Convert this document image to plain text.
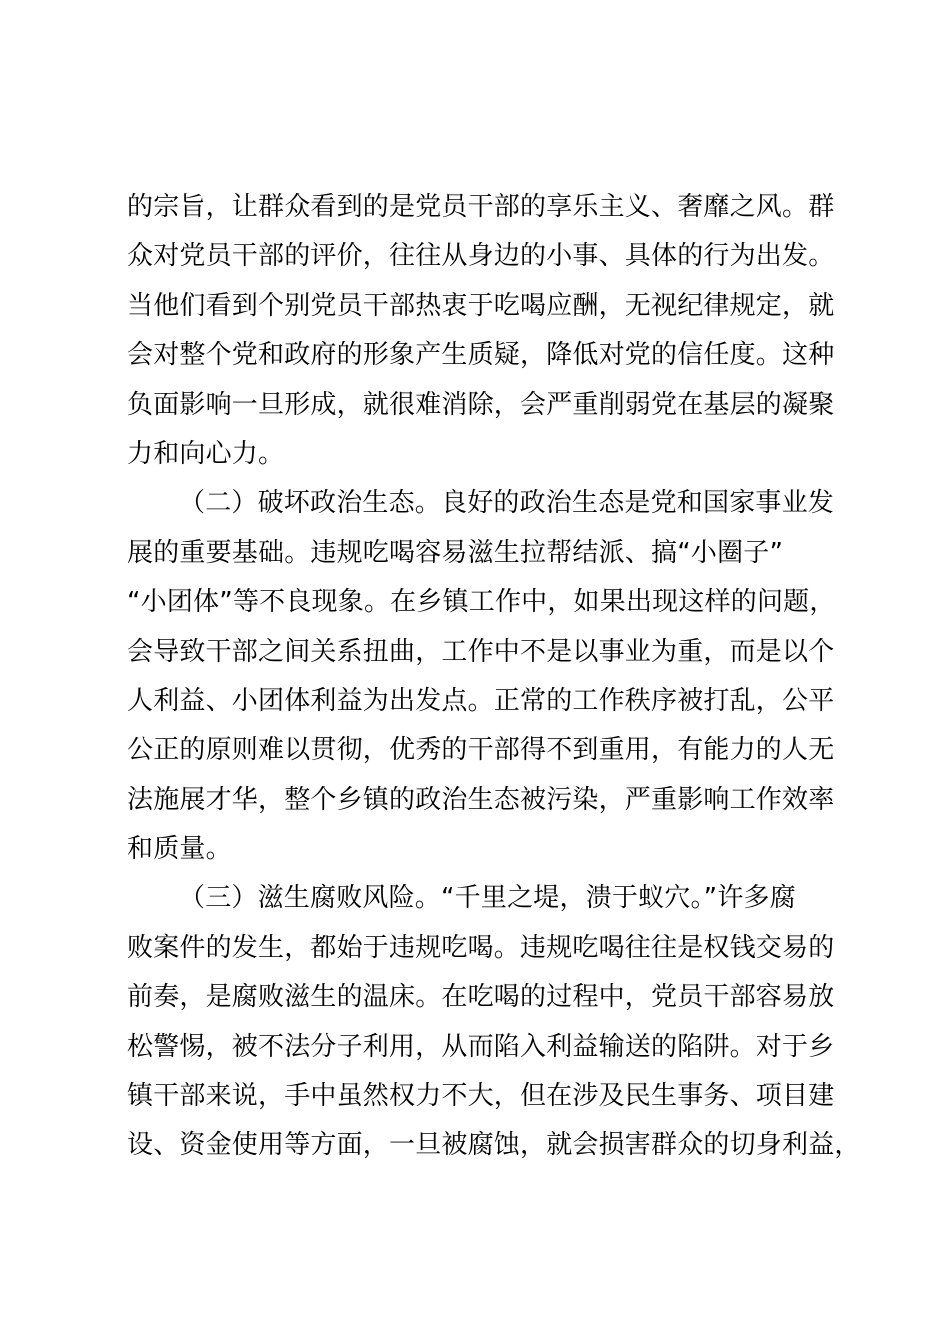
的宗旨，让群众看到的是党员干部的享乐主义、奢靡之风。群
众对党员干部的评价，往往从身边的小事、具体的行为出发。
当他们看到个别党员干部热衷于吃喝应酬，无视纪律规定，就
会对整个党和政府的形象产生质疑，降低对党的信任度。这种
负面影响一旦形成，就很难消除，会严重削弱党在基层的凝聚
力和向心力。
（二）破坏政治生态。良好的政治生态是党和国家事业发
展的重要基础。违规吃喝容易滋生拉帮结派、搞“小圈子”
“小团体”等不良现象。在乡镇工作中，如果出现这样的问题，
会导致干部之间关系扭曲，工作中不是以事业为重，而是以个
人利益、小团体利益为出发点。正常的工作秩序被打乱，公平
公正的原则难以贯彻，优秀的干部得不到重用，有能力的人无
法施展才华，整个乡镇的政治生态被污染，严重影响工作效率
和质量。
（三）滋生腐败风险。“千里之堤，溃于蚁穴。”许多腐
败案件的发生，都始于违规吃喝。违规吃喝往往是权钱交易的
前奏，是腐败滋生的温床。在吃喝的过程中，党员干部容易放
松警惕，被不法分子利用，从而陷入利益输送的陷阱。对于乡
镇干部来说，手中虽然权力不大，但在涉及民生事务、项目建
设、资金使用等方面，一旦被腐蚀，就会损害群众的切身利益，
